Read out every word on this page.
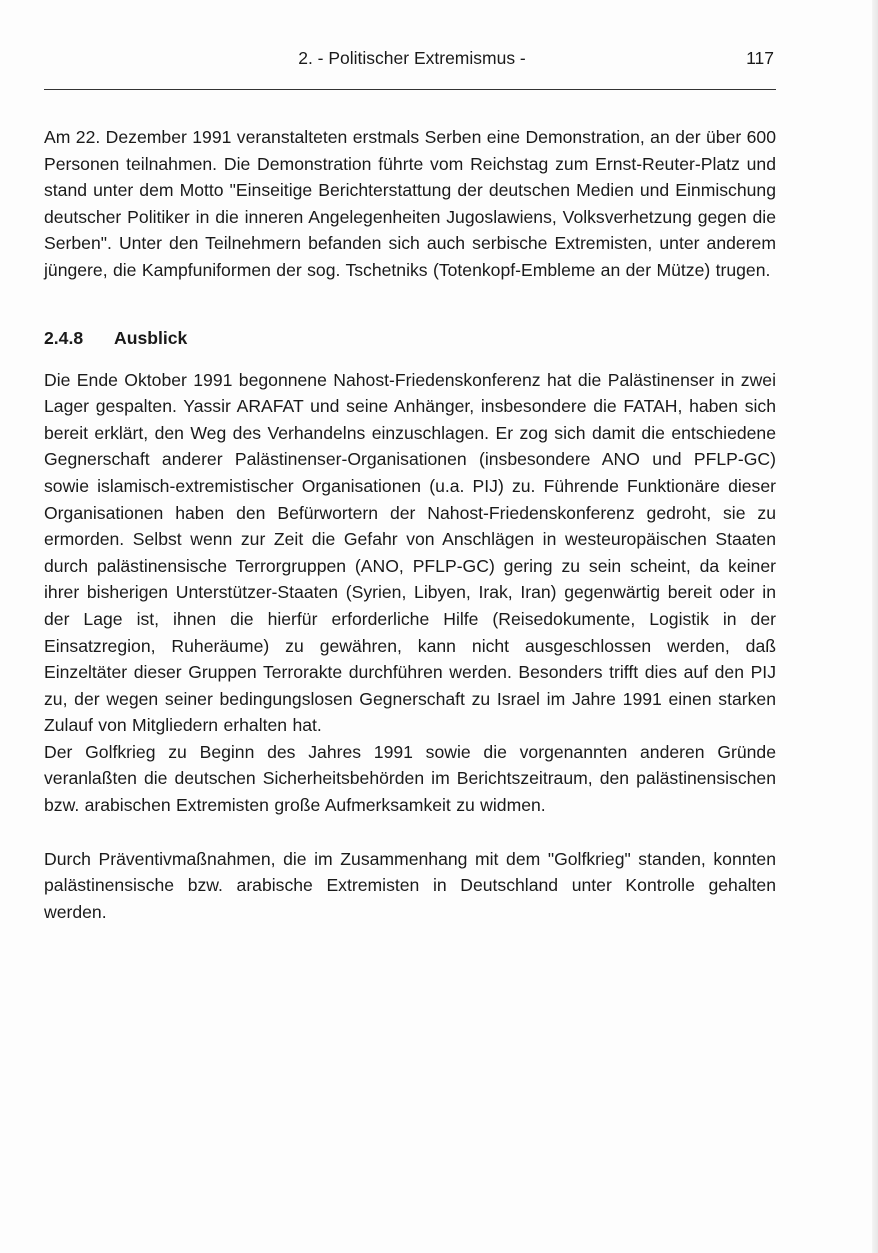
2. - Politischer Extremismus -	117

Am 22. Dezember 1991 veranstalteten erstmals Serben eine Demonstration, an der über 600 Personen teilnahmen. Die Demonstration führte vom Reichstag zum Ernst-Reuter-Platz und stand unter dem Motto "Einseitige Berichterstattung der deutschen Medien und Einmischung deutscher Politiker in die inneren Angelegenheiten Jugoslawiens, Volksverhetzung gegen die Serben". Unter den Teilnehmern befanden sich auch serbische Extremisten, unter anderem jüngere, die Kampfuniformen der sog. Tschetniks (Totenkopf-Embleme an der Mütze) trugen.

2.4.8 Ausblick

Die Ende Oktober 1991 begonnene Nahost-Friedenskonferenz hat die Palästinenser in zwei Lager gespalten. Yassir ARAFAT und seine Anhänger, insbesondere die FATAH, haben sich bereit erklärt, den Weg des Verhandelns einzuschlagen. Er zog sich damit die entschiedene Gegnerschaft anderer Palästinenser-Organisationen (insbesondere ANO und PFLP-GC) sowie islamisch-extremistischer Organisationen (u.a. PIJ) zu. Führende Funktionäre dieser Organisationen haben den Befürwortern der Nahost-Friedenskonferenz gedroht, sie zu ermorden. Selbst wenn zur Zeit die Gefahr von Anschlägen in westeuropäischen Staaten durch palästinensische Terrorgruppen (ANO, PFLP-GC) gering zu sein scheint, da keiner ihrer bisherigen Unterstützer-Staaten (Syrien, Libyen, Irak, Iran) gegenwärtig bereit oder in der Lage ist, ihnen die hierfür erforderliche Hilfe (Reisedokumente, Logistik in der Einsatzregion, Ruheräume) zu gewähren, kann nicht ausgeschlossen werden, daß Einzeltäter dieser Gruppen Terrorakte durchführen werden. Besonders trifft dies auf den PIJ zu, der wegen seiner bedingungslosen Gegnerschaft zu Israel im Jahre 1991 einen starken Zulauf von Mitgliedern erhalten hat.

Der Golfkrieg zu Beginn des Jahres 1991 sowie die vorgenannten anderen Gründe veranlaßten die deutschen Sicherheitsbehörden im Berichtszeitraum, den palästinensischen bzw. arabischen Extremisten große Aufmerksamkeit zu widmen.

Durch Präventivmaßnahmen, die im Zusammenhang mit dem "Golfkrieg" standen, konnten palästinensische bzw. arabische Extremisten in Deutschland unter Kontrolle gehalten werden.
